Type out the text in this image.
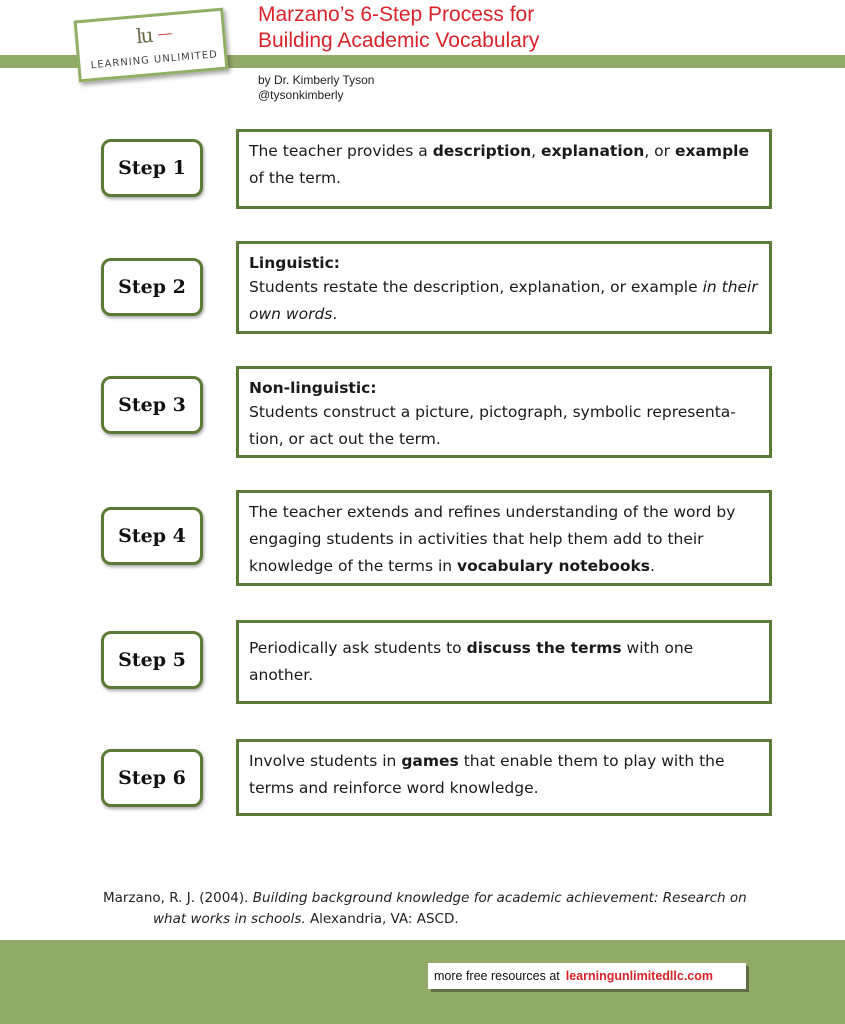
lu
LEARNING UNLIMITED
Marzano’s 6-Step Process for
Building Academic Vocabulary
by Dr. Kimberly Tyson
@tysonkimberly
Step 1
The teacher provides a description, explanation, or example of the term.
Step 2
Linguistic:
Students restate the description, explanation, or example in their own words.
Step 3
Non-linguistic:
Students construct a picture, pictograph, symbolic representa-tion, or act out the term.
Step 4
The teacher extends and refines understanding of the word by engaging students in activities that help them add to their knowledge of the terms in vocabulary notebooks.
Step 5
Periodically ask students to discuss the terms with one another.
Step 6
Involve students in games that enable them to play with the terms and reinforce word knowledge.
Marzano, R. J. (2004). Building background knowledge for academic achievement: Research on
what works in schools. Alexandria, VA: ASCD.
more free resources at learningunlimitedllc.com
